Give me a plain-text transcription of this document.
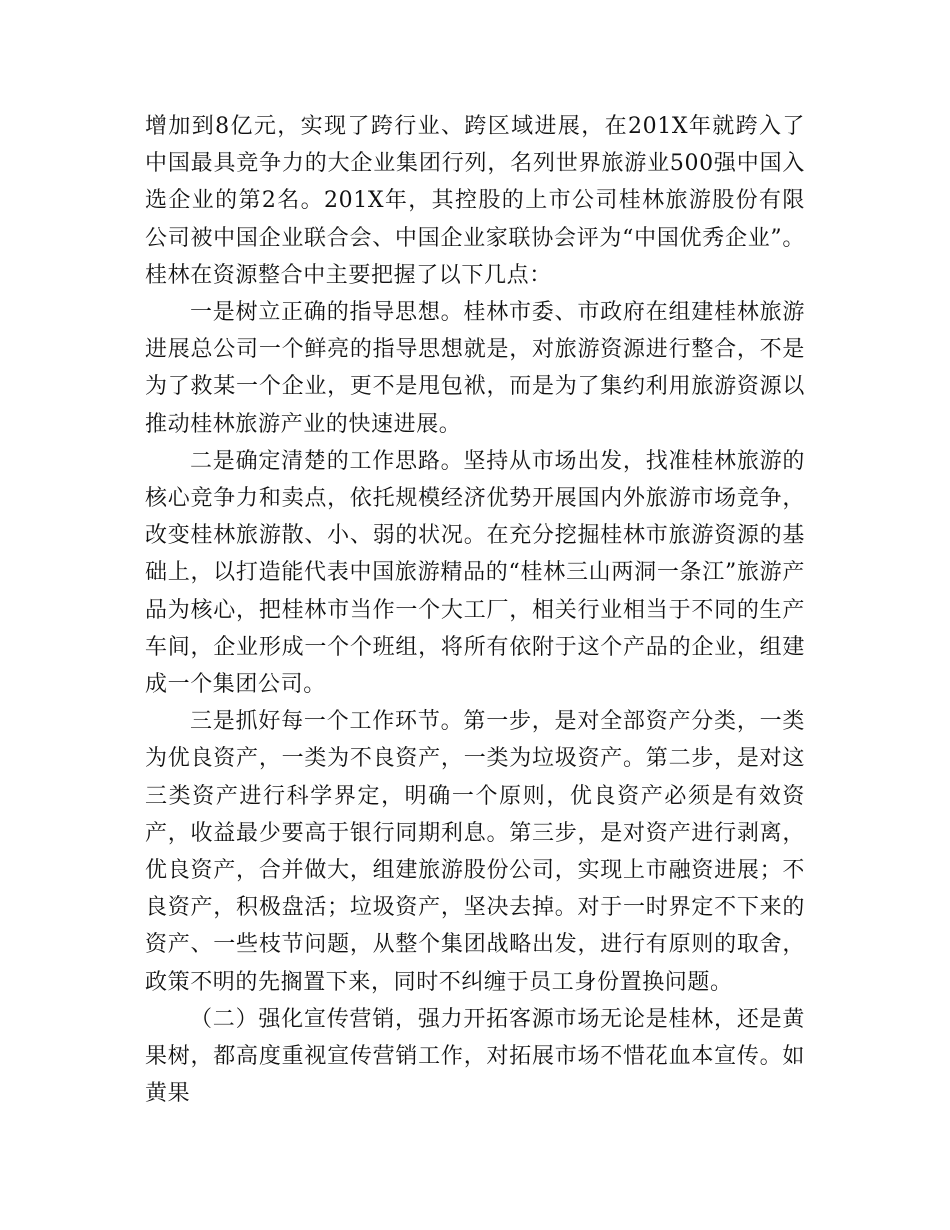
增加到8亿元，实现了跨行业、跨区域进展，在201X年就跨入了中国最具竞争力的大企业集团行列，名列世界旅游业500强中国入选企业的第2名。201X年，其控股的上市公司桂林旅游股份有限公司被中国企业联合会、中国企业家联协会评为“中国优秀企业”。桂林在资源整合中主要把握了以下几点：

一是树立正确的指导思想。桂林市委、市政府在组建桂林旅游进展总公司一个鲜亮的指导思想就是，对旅游资源进行整合，不是为了救某一个企业，更不是甩包袱，而是为了集约利用旅游资源以推动桂林旅游产业的快速进展。

二是确定清楚的工作思路。坚持从市场出发，找准桂林旅游的核心竞争力和卖点，依托规模经济优势开展国内外旅游市场竞争，改变桂林旅游散、小、弱的状况。在充分挖掘桂林市旅游资源的基础上，以打造能代表中国旅游精品的“桂林三山两洞一条江”旅游产品为核心，把桂林市当作一个大工厂，相关行业相当于不同的生产车间，企业形成一个个班组，将所有依附于这个产品的企业，组建成一个集团公司。

三是抓好每一个工作环节。第一步，是对全部资产分类，一类为优良资产，一类为不良资产，一类为垃圾资产。第二步，是对这三类资产进行科学界定，明确一个原则，优良资产必须是有效资产，收益最少要高于银行同期利息。第三步，是对资产进行剥离，优良资产，合并做大，组建旅游股份公司，实现上市融资进展；不良资产，积极盘活；垃圾资产，坚决去掉。对于一时界定不下来的资产、一些枝节问题，从整个集团战略出发，进行有原则的取舍，政策不明的先搁置下来，同时不纠缠于员工身份置换问题。

（二）强化宣传营销，强力开拓客源市场无论是桂林，还是黄果树，都高度重视宣传营销工作，对拓展市场不惜花血本宣传。如黄果
